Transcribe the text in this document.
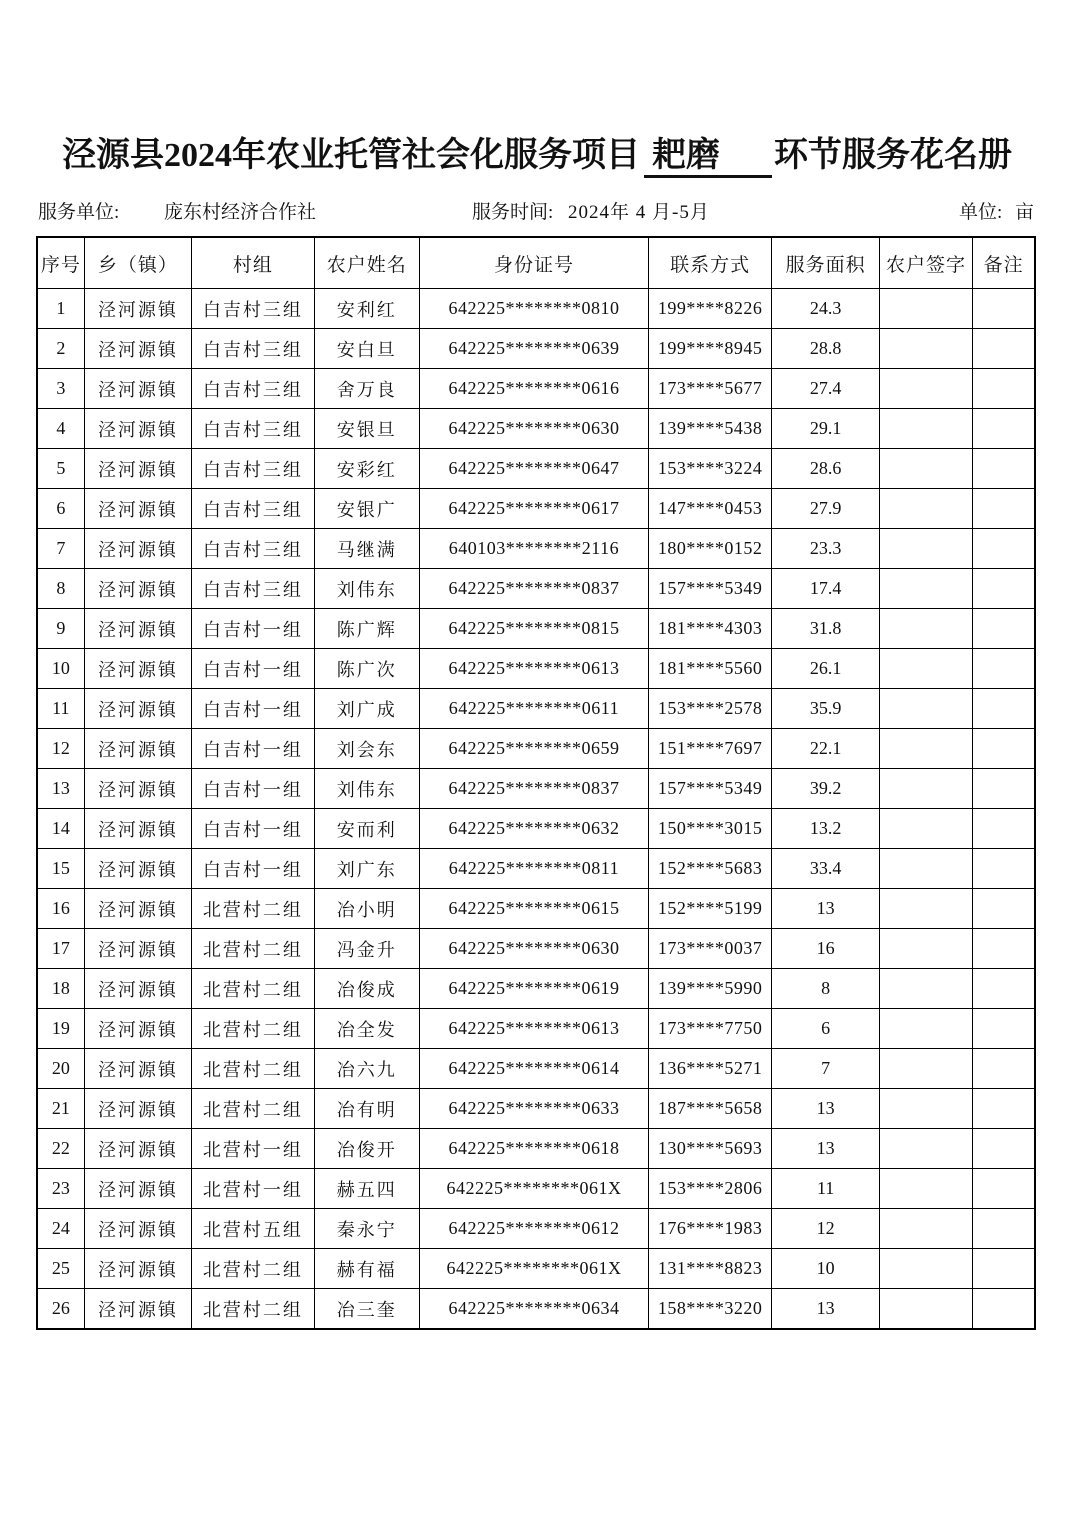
泾源县2024年农业托管社会化服务项目 耙磨 环节服务花名册
服务单位: 庞东村经济合作社	服务时间: 2024年 4 月-5月	单位: 亩
序号	乡（镇）	村组	农户姓名	身份证号	联系方式	服务面积	农户签字	备注
1	泾河源镇	白吉村三组	安利红	642225********0810	199****8226	24.3		
2	泾河源镇	白吉村三组	安白旦	642225********0639	199****8945	28.8		
3	泾河源镇	白吉村三组	舍万良	642225********0616	173****5677	27.4		
4	泾河源镇	白吉村三组	安银旦	642225********0630	139****5438	29.1		
5	泾河源镇	白吉村三组	安彩红	642225********0647	153****3224	28.6		
6	泾河源镇	白吉村三组	安银广	642225********0617	147****0453	27.9		
7	泾河源镇	白吉村三组	马继满	640103********2116	180****0152	23.3		
8	泾河源镇	白吉村三组	刘伟东	642225********0837	157****5349	17.4		
9	泾河源镇	白吉村一组	陈广辉	642225********0815	181****4303	31.8		
10	泾河源镇	白吉村一组	陈广次	642225********0613	181****5560	26.1		
11	泾河源镇	白吉村一组	刘广成	642225********0611	153****2578	35.9		
12	泾河源镇	白吉村一组	刘会东	642225********0659	151****7697	22.1		
13	泾河源镇	白吉村一组	刘伟东	642225********0837	157****5349	39.2		
14	泾河源镇	白吉村一组	安而利	642225********0632	150****3015	13.2		
15	泾河源镇	白吉村一组	刘广东	642225********0811	152****5683	33.4		
16	泾河源镇	北营村二组	冶小明	642225********0615	152****5199	13		
17	泾河源镇	北营村二组	冯金升	642225********0630	173****0037	16		
18	泾河源镇	北营村二组	冶俊成	642225********0619	139****5990	8		
19	泾河源镇	北营村二组	冶全发	642225********0613	173****7750	6		
20	泾河源镇	北营村二组	冶六九	642225********0614	136****5271	7		
21	泾河源镇	北营村二组	冶有明	642225********0633	187****5658	13		
22	泾河源镇	北营村一组	冶俊开	642225********0618	130****5693	13		
23	泾河源镇	北营村一组	赫五四	642225********061X	153****2806	11		
24	泾河源镇	北营村五组	秦永宁	642225********0612	176****1983	12		
25	泾河源镇	北营村二组	赫有福	642225********061X	131****8823	10		
26	泾河源镇	北营村二组	冶三奎	642225********0634	158****3220	13		
